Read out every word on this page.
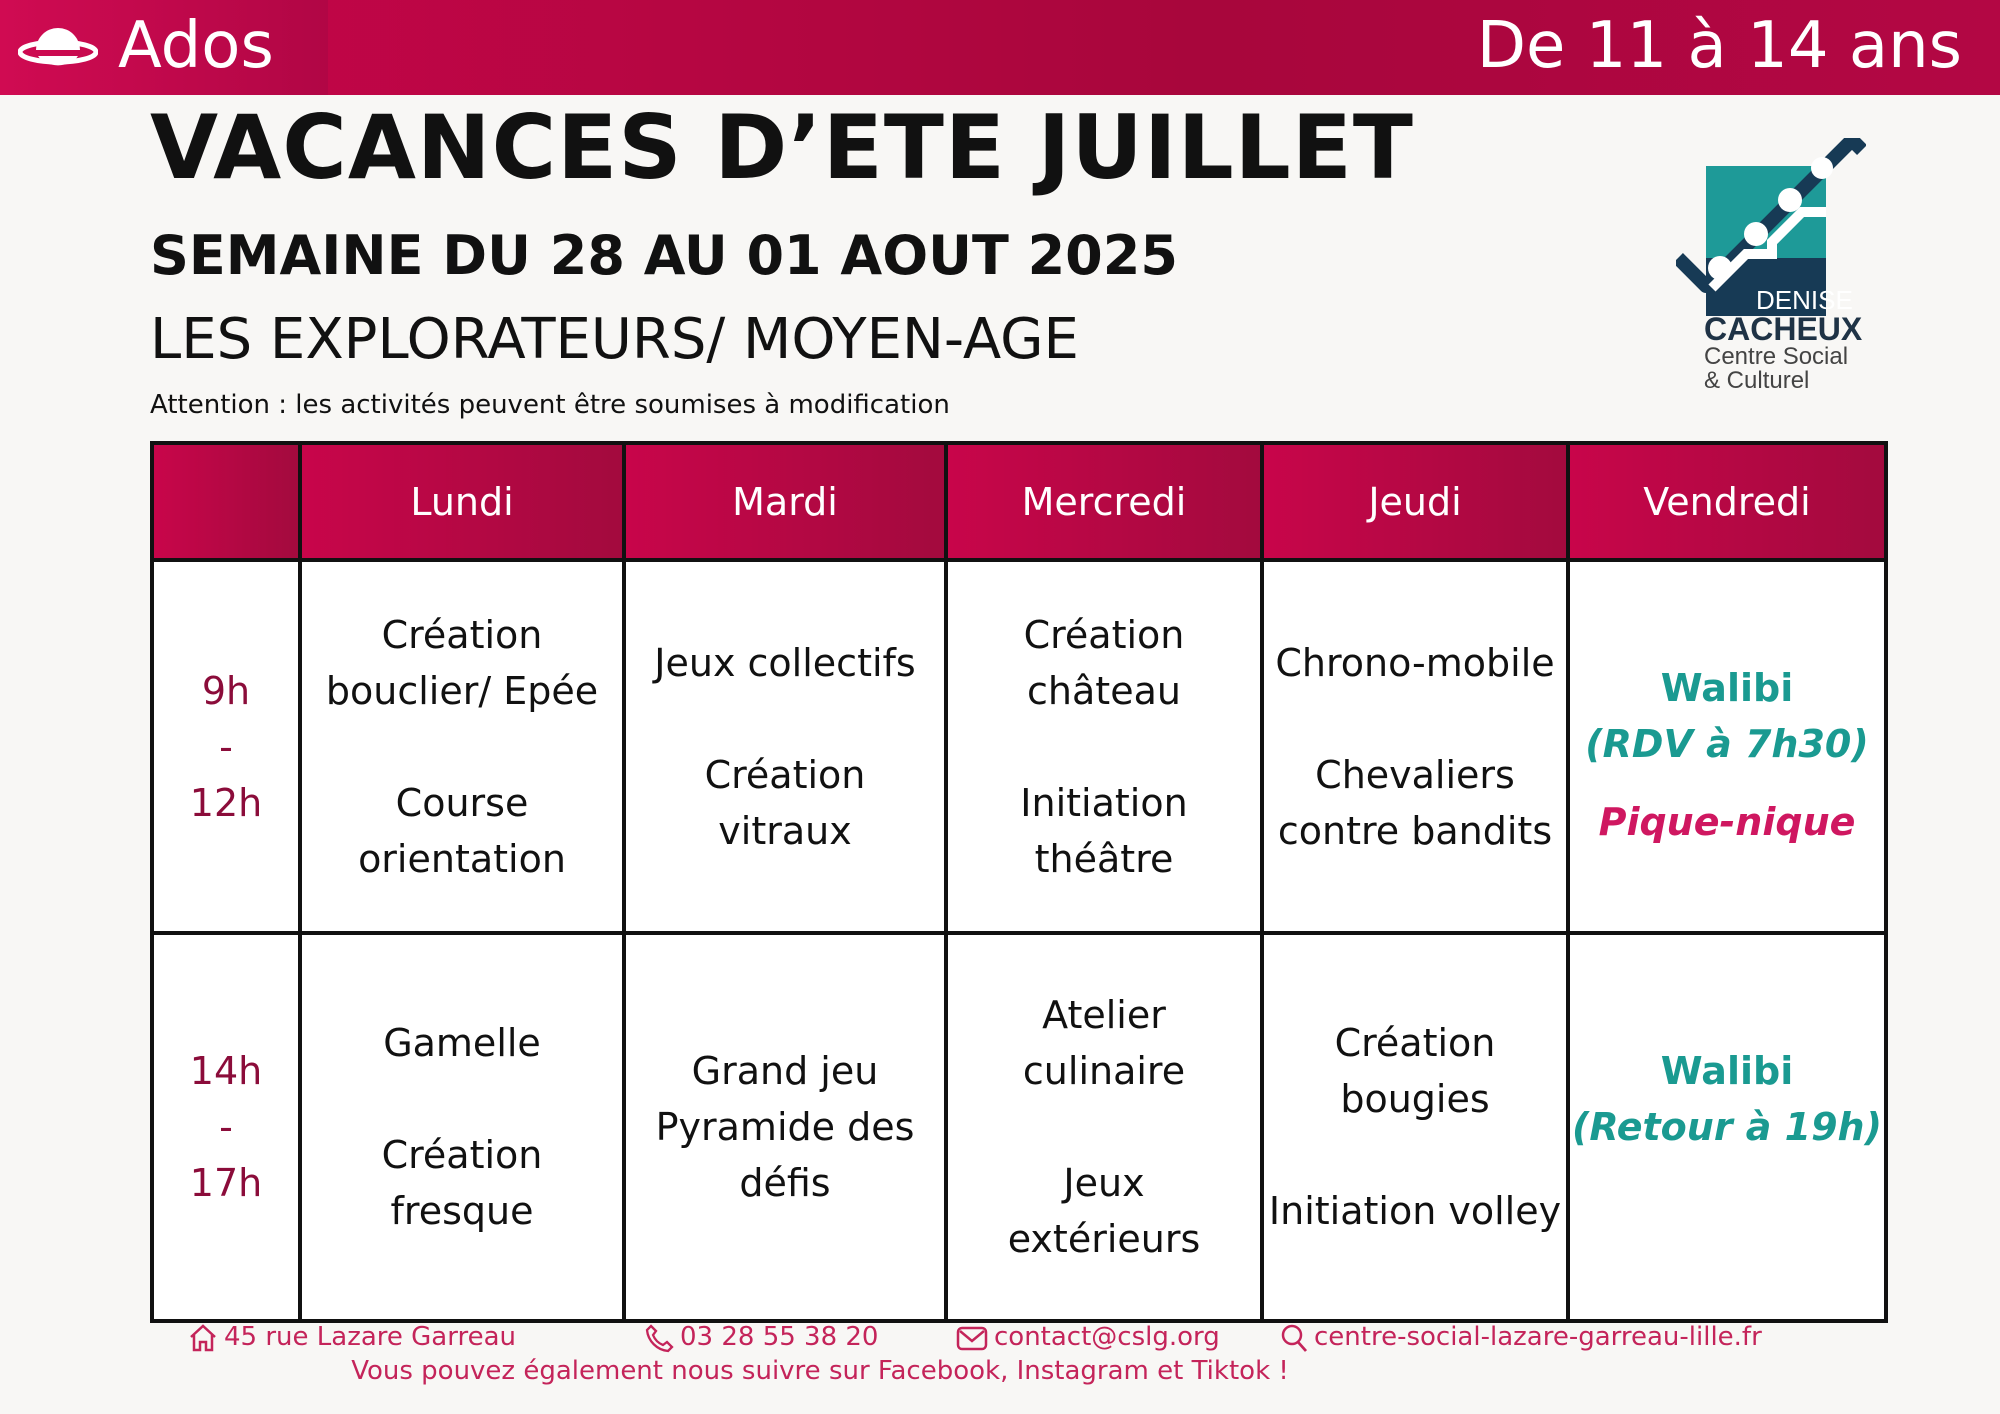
Ados	De 11 à 14 ans
VACANCES D’ETE JUILLET
SEMAINE DU 28 AU 01 AOUT 2025
LES EXPLORATEURS/ MOYEN-AGE
Attention : les activités peuvent être soumises à modification
DENISE
CACHEUX
Centre Social
& Culturel
	Lundi	Mardi	Mercredi	Jeudi	Vendredi

9h
-
12h	Création
bouclier/ Epée
Course
orientation	Jeux collectifs
Création
vitraux	Création
château
Initiation
théâtre	Chrono-mobile
Chevaliers
contre bandits	Walibi
(RDV à 7h30)
Pique-nique

14h
-
17h	Gamelle
Création
fresque	Grand jeu
Pyramide des
défis	Atelier
culinaire
Jeux
extérieurs	Création
bougies
Initiation volley	Walibi
(Retour à 19h)
45 rue Lazare Garreau	03 28 55 38 20	contact@cslg.org	centre-social-lazare-garreau-lille.fr
Vous pouvez également nous suivre sur Facebook, Instagram et Tiktok !
